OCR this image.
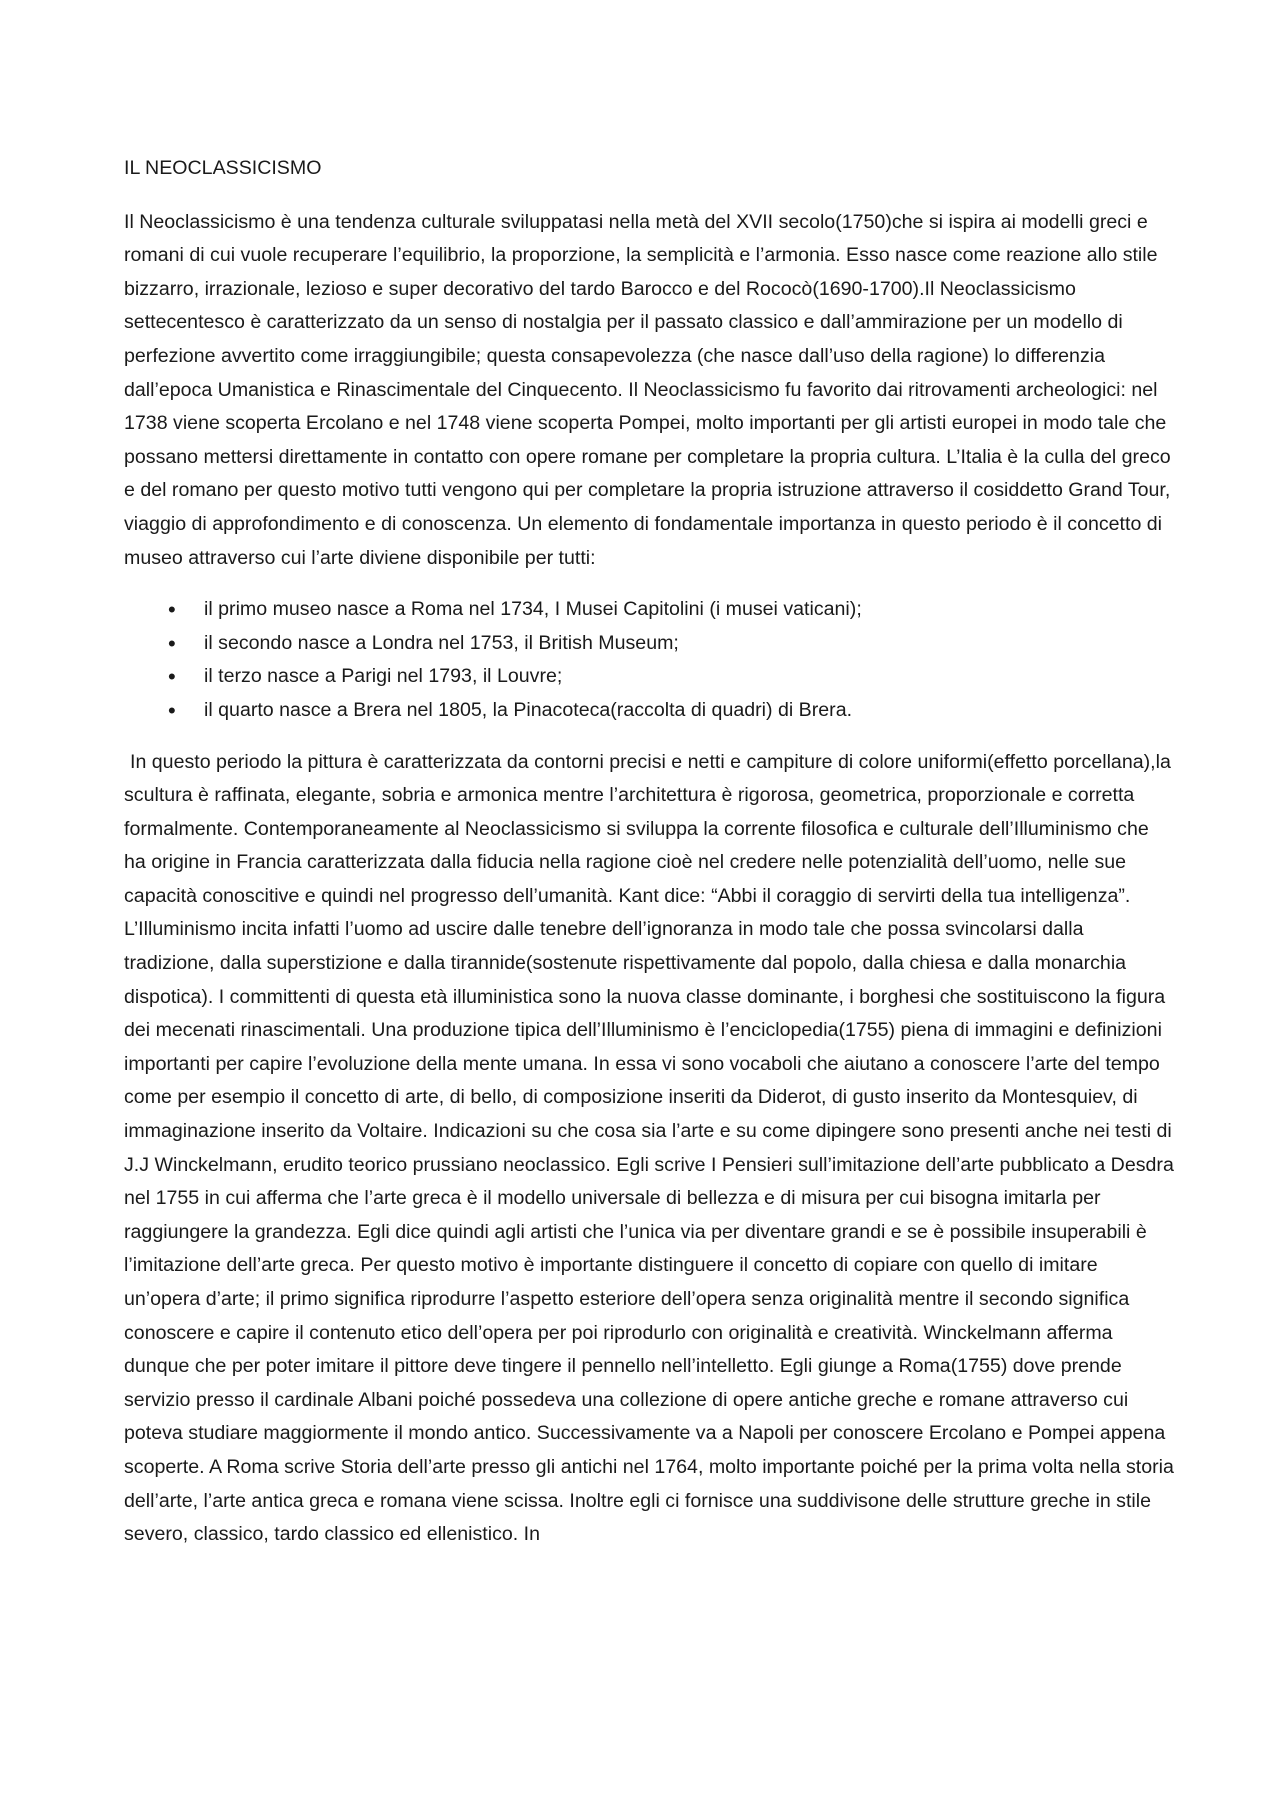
IL NEOCLASSICISMO

Il Neoclassicismo è una tendenza culturale sviluppatasi nella metà del XVII secolo(1750)che si ispira ai modelli greci e romani di cui vuole recuperare l’equilibrio, la proporzione, la semplicità e l’armonia. Esso nasce come reazione allo stile bizzarro, irrazionale, lezioso e super decorativo del tardo Barocco e del Rococò(1690-1700).Il Neoclassicismo settecentesco è caratterizzato da un senso di nostalgia per il passato classico e dall’ammirazione per un modello di perfezione avvertito come irraggiungibile; questa consapevolezza (che nasce dall’uso della ragione) lo differenzia dall’epoca Umanistica e Rinascimentale del Cinquecento. Il Neoclassicismo fu favorito dai ritrovamenti archeologici: nel 1738 viene scoperta Ercolano e nel 1748 viene scoperta Pompei, molto importanti per gli artisti europei in modo tale che possano mettersi direttamente in contatto con opere romane per completare la propria cultura. L’Italia è la culla del greco e del romano per questo motivo tutti vengono qui per completare la propria istruzione attraverso il cosiddetto Grand Tour, viaggio di approfondimento e di conoscenza. Un elemento di fondamentale importanza in questo periodo è il concetto di museo attraverso cui l’arte diviene disponibile per tutti:

• il primo museo nasce a Roma nel 1734, I Musei Capitolini (i musei vaticani);
• il secondo nasce a Londra nel 1753, il British Museum;
• il terzo nasce a Parigi nel 1793, il Louvre;
• il quarto nasce a Brera nel 1805, la Pinacoteca(raccolta di quadri) di Brera.

In questo periodo la pittura è caratterizzata da contorni precisi e netti e campiture di colore uniformi(effetto porcellana),la scultura è raffinata, elegante, sobria e armonica mentre l’architettura è rigorosa, geometrica, proporzionale e corretta formalmente. Contemporaneamente al Neoclassicismo si sviluppa la corrente filosofica e culturale dell’Illuminismo che ha origine in Francia caratterizzata dalla fiducia nella ragione cioè nel credere nelle potenzialità dell’uomo, nelle sue capacità conoscitive e quindi nel progresso dell’umanità. Kant dice: “Abbi il coraggio di servirti della tua intelligenza”. L’Illuminismo incita infatti l’uomo ad uscire dalle tenebre dell’ignoranza in modo tale che possa svincolarsi dalla tradizione, dalla superstizione e dalla tirannide(sostenute rispettivamente dal popolo, dalla chiesa e dalla monarchia dispotica). I committenti di questa età illuministica sono la nuova classe dominante, i borghesi che sostituiscono la figura dei mecenati rinascimentali. Una produzione tipica dell’Illuminismo è l’enciclopedia(1755) piena di immagini e definizioni importanti per capire l’evoluzione della mente umana. In essa vi sono vocaboli che aiutano a conoscere l’arte del tempo come per esempio il concetto di arte, di bello, di composizione inseriti da Diderot, di gusto inserito da Montesquiev, di immaginazione inserito da Voltaire. Indicazioni su che cosa sia l’arte e su come dipingere sono presenti anche nei testi di J.J Winckelmann, erudito teorico prussiano neoclassico. Egli scrive I Pensieri sull’imitazione dell’arte pubblicato a Desdra nel 1755 in cui afferma che l’arte greca è il modello universale di bellezza e di misura per cui bisogna imitarla per raggiungere la grandezza. Egli dice quindi agli artisti che l’unica via per diventare grandi e se è possibile insuperabili è l’imitazione dell’arte greca. Per questo motivo è importante distinguere il concetto di copiare con quello di imitare un’opera d’arte; il primo significa riprodurre l’aspetto esteriore dell’opera senza originalità mentre il secondo significa conoscere e capire il contenuto etico dell’opera per poi riprodurlo con originalità e creatività. Winckelmann afferma dunque che per poter imitare il pittore deve tingere il pennello nell’intelletto. Egli giunge a Roma(1755) dove prende servizio presso il cardinale Albani poiché possedeva una collezione di opere antiche greche e romane attraverso cui poteva studiare maggiormente il mondo antico. Successivamente va a Napoli per conoscere Ercolano e Pompei appena scoperte. A Roma scrive Storia dell’arte presso gli antichi nel 1764, molto importante poiché per la prima volta nella storia dell’arte, l’arte antica greca e romana viene scissa. Inoltre egli ci fornisce una suddivisone delle strutture greche in stile severo, classico, tardo classico ed ellenistico. In
